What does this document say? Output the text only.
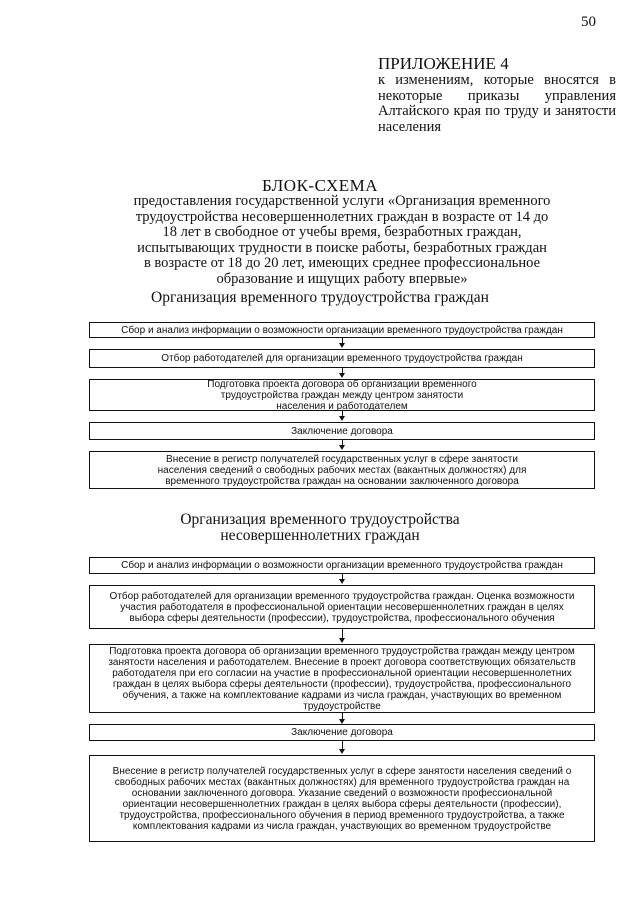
50
ПРИЛОЖЕНИЕ 4
к изменениям, которые вносятся в некоторые приказы управления Алтайского края по труду и занятости населения
БЛОК-СХЕМА
предоставления государственной услуги «Организация временного трудоустройства несовершеннолетних граждан в возрасте от 14 до 18 лет в свободное от учебы время, безработных граждан, испытывающих трудности в поиске работы, безработных граждан в возрасте от 18 до 20 лет, имеющих среднее профессиональное образование и ищущих работу впервые»
Организация временного трудоустройства граждан
Сбор и анализ информации о возможности организации временного трудоустройства граждан
Отбор работодателей для организации временного трудоустройства граждан
Подготовка проекта договора об организации временного трудоустройства граждан между центром занятости населения и работодателем
Заключение договора
Внесение в регистр получателей государственных услуг в сфере занятости населения сведений о свободных рабочих местах (вакантных должностях) для временного трудоустройства граждан на основании заключенного договора
Организация временного трудоустройства
несовершеннолетних граждан
Сбор и анализ информации о возможности организации временного трудоустройства граждан
Отбор работодателей для организации временного трудоустройства граждан. Оценка возможности участия работодателя в профессиональной ориентации несовершеннолетних граждан в целях выбора сферы деятельности (профессии), трудоустройства, профессионального обучения
Подготовка проекта договора об организации временного трудоустройства граждан между центром занятости населения и работодателем. Внесение в проект договора соответствующих обязательств работодателя при его согласии на участие в профессиональной ориентации несовершеннолетних граждан в целях выбора сферы деятельности (профессии), трудоустройства, профессионального обучения, а также на комплектование кадрами из числа граждан, участвующих во временном трудоустройстве
Заключение договора
Внесение в регистр получателей государственных услуг в сфере занятости населения сведений о свободных рабочих местах (вакантных должностях) для временного трудоустройства граждан на основании заключенного договора. Указание сведений о возможности профессиональной ориентации несовершеннолетних граждан в целях выбора сферы деятельности (профессии), трудоустройства, профессионального обучения в период временного трудоустройства, а также комплектования кадрами из числа граждан, участвующих во временном трудоустройстве
